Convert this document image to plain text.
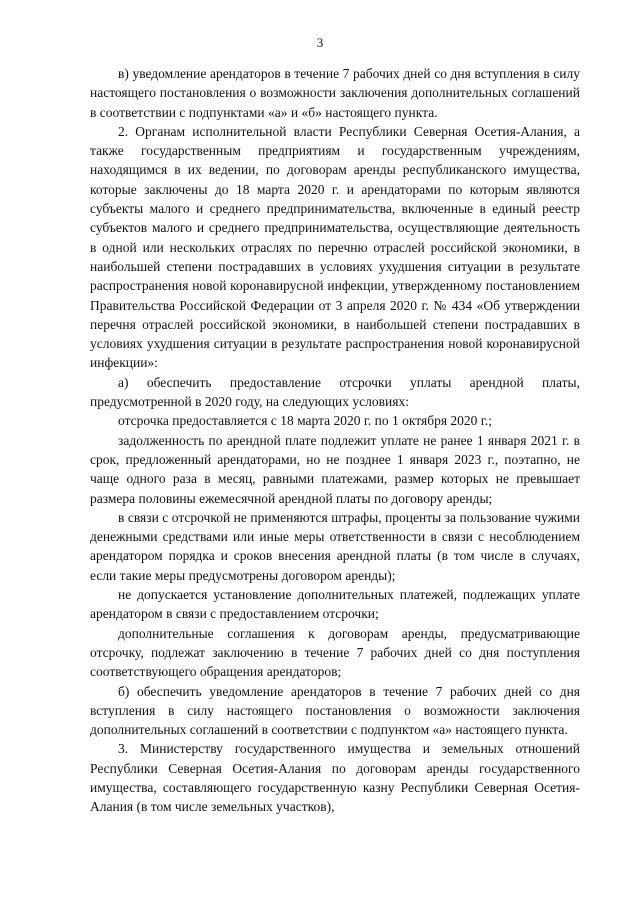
3

в) уведомление арендаторов в течение 7 рабочих дней со дня вступления в силу настоящего постановления о возможности заключения дополнительных соглашений в соответствии с подпунктами «а» и «б» настоящего пункта.

2. Органам исполнительной власти Республики Северная Осетия-Алания, а также государственным предприятиям и государственным учреждениям, находящимся в их ведении, по договорам аренды республиканского имущества, которые заключены до 18 марта 2020 г. и арендаторами по которым являются субъекты малого и среднего предпринимательства, включенные в единый реестр субъектов малого и среднего предпринимательства, осуществляющие деятельность в одной или нескольких отраслях по перечню отраслей российской экономики, в наибольшей степени пострадавших в условиях ухудшения ситуации в результате распространения новой коронавирусной инфекции, утвержденному постановлением Правительства Российской Федерации от 3 апреля 2020 г. № 434 «Об утверждении перечня отраслей российской экономики, в наибольшей степени пострадавших в условиях ухудшения ситуации в результате распространения новой коронавирусной инфекции»:

а) обеспечить предоставление отсрочки уплаты арендной платы, предусмотренной в 2020 году, на следующих условиях:

отсрочка предоставляется с 18 марта 2020 г. по 1 октября 2020 г.;

задолженность по арендной плате подлежит уплате не ранее 1 января 2021 г. в срок, предложенный арендаторами, но не позднее 1 января 2023 г., поэтапно, не чаще одного раза в месяц, равными платежами, размер которых не превышает размера половины ежемесячной арендной платы по договору аренды;

в связи с отсрочкой не применяются штрафы, проценты за пользование чужими денежными средствами или иные меры ответственности в связи с несоблюдением арендатором порядка и сроков внесения арендной платы (в том числе в случаях, если такие меры предусмотрены договором аренды);

не допускается установление дополнительных платежей, подлежащих уплате арендатором в связи с предоставлением отсрочки;

дополнительные соглашения к договорам аренды, предусматривающие отсрочку, подлежат заключению в течение 7 рабочих дней со дня поступления соответствующего обращения арендаторов;

б) обеспечить уведомление арендаторов в течение 7 рабочих дней со дня вступления в силу настоящего постановления о возможности заключения дополнительных соглашений в соответствии с подпунктом «а» настоящего пункта.

3. Министерству государственного имущества и земельных отношений Республики Северная Осетия-Алания по договорам аренды государственного имущества, составляющего государственную казну Республики Северная Осетия-Алания (в том числе земельных участков),
